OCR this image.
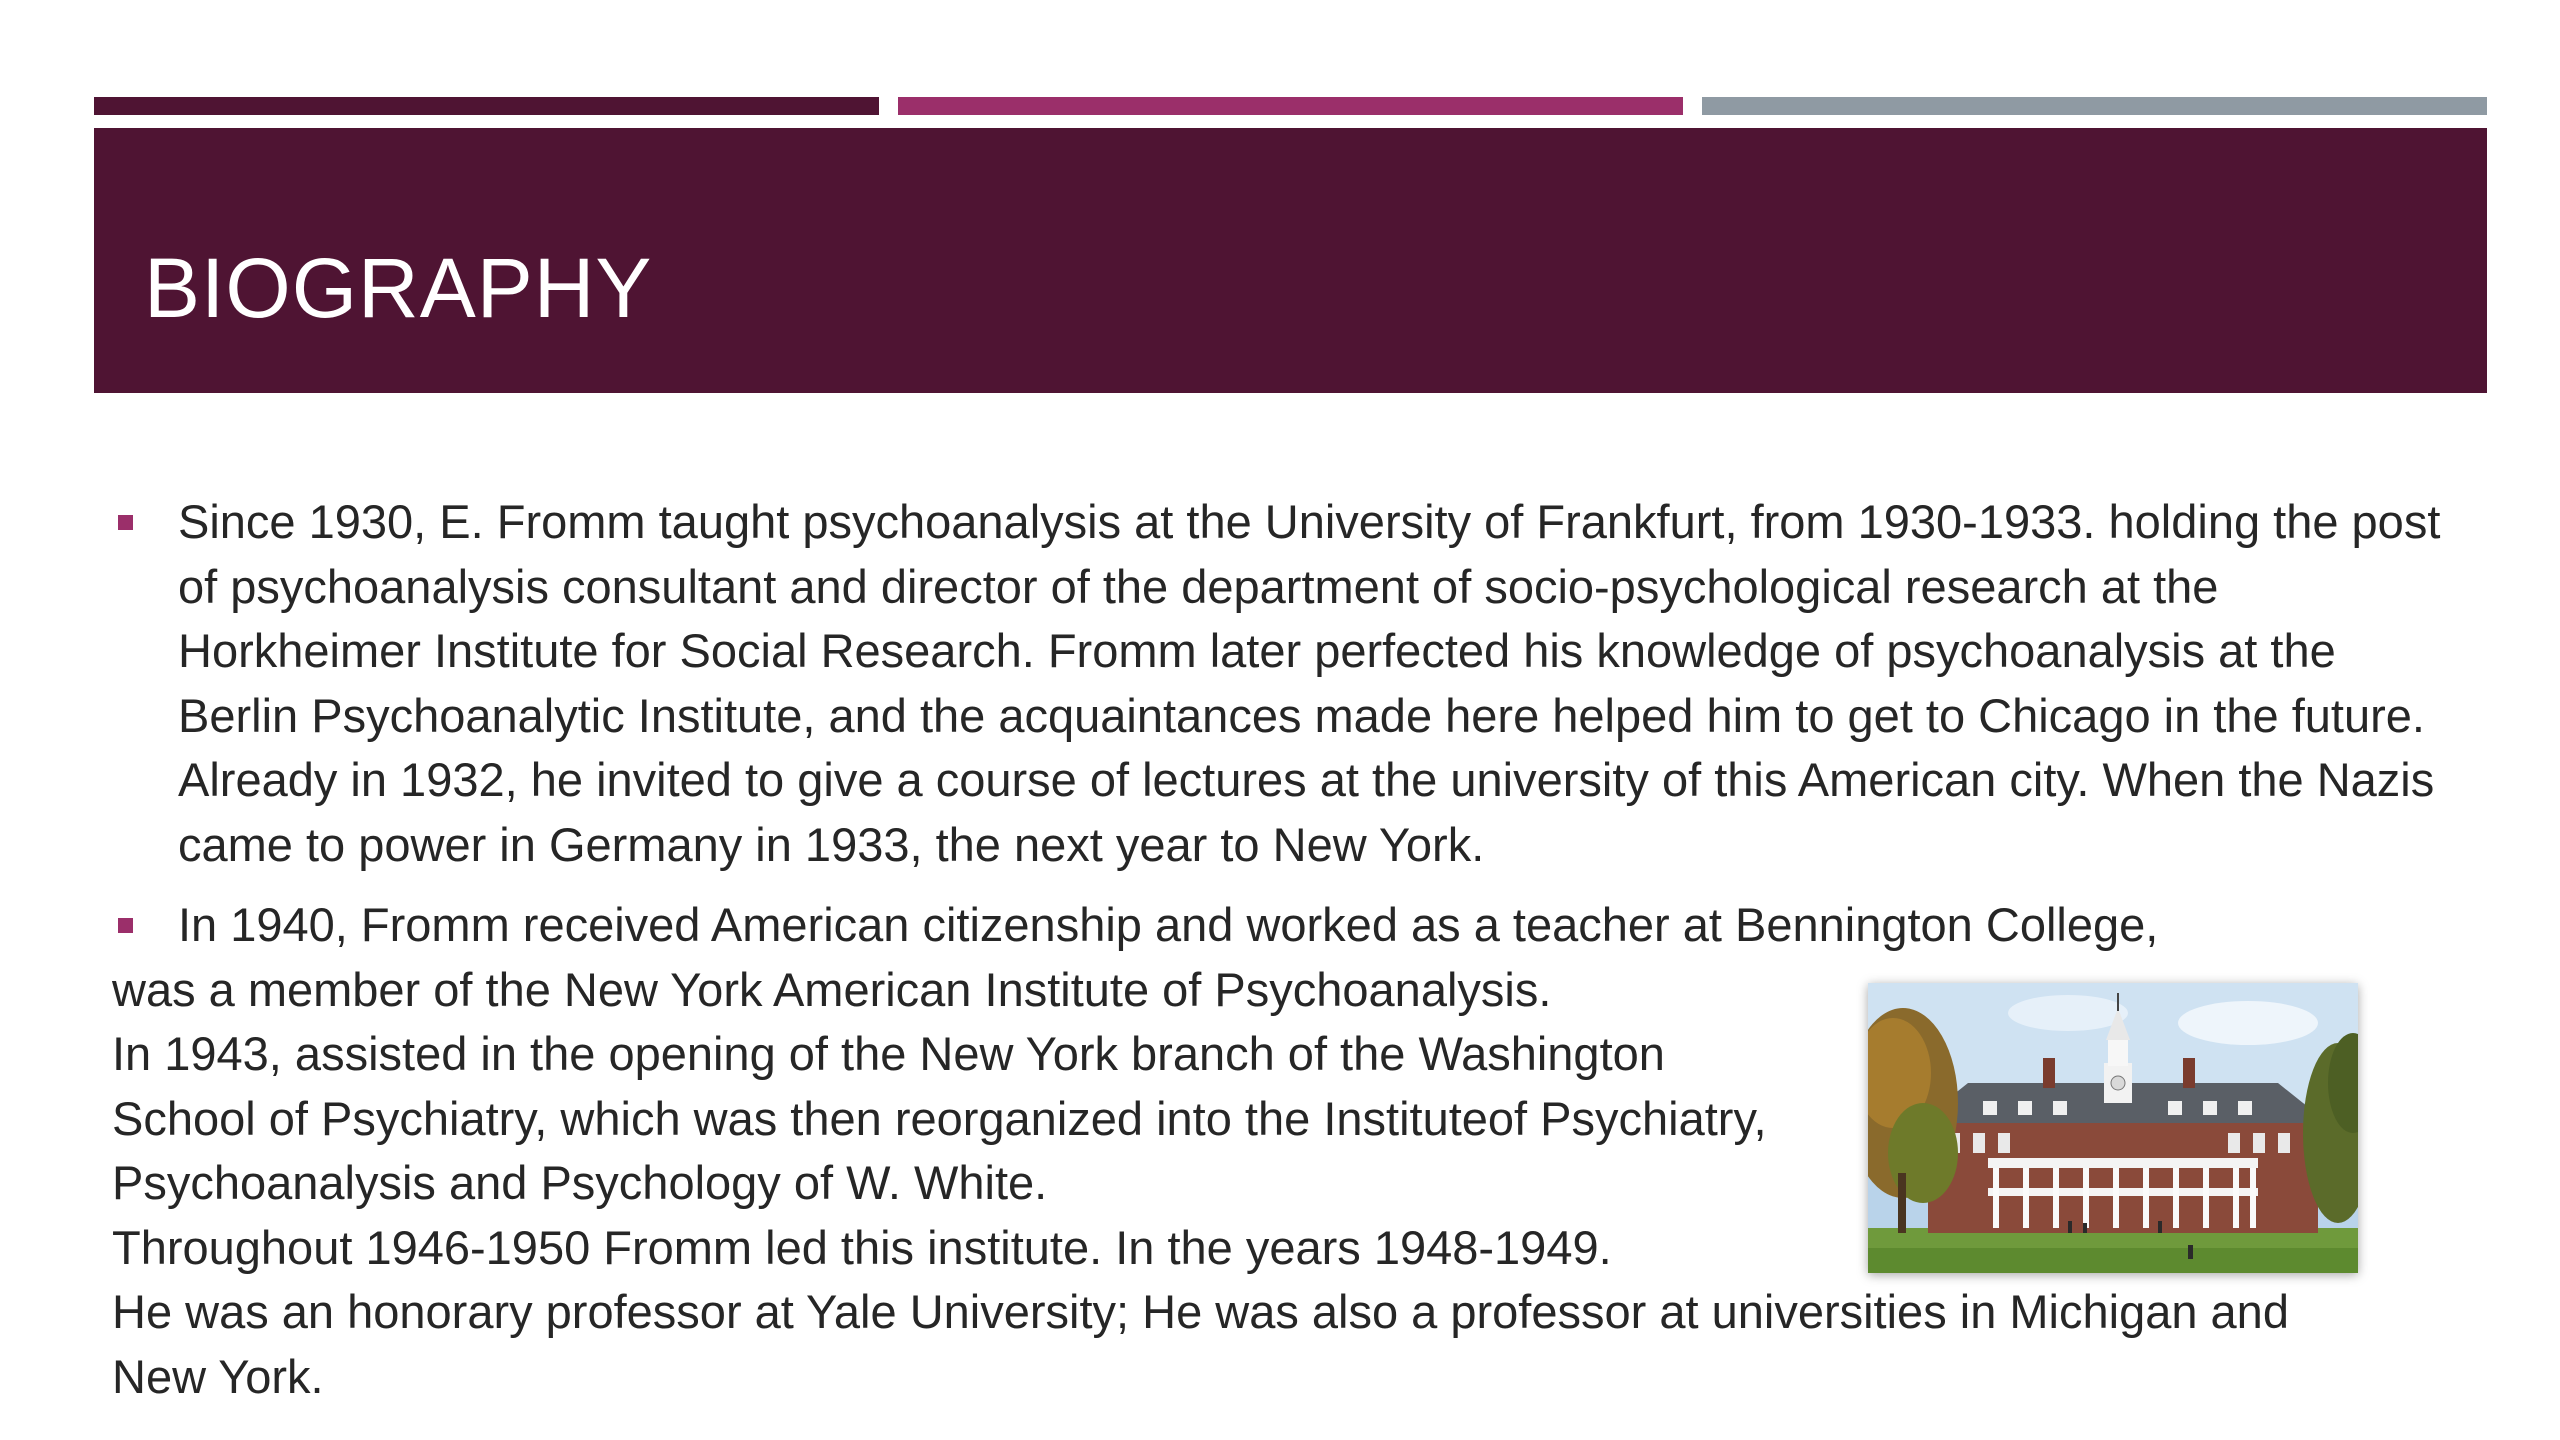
BIOGRAPHY
Since 1930, E. Fromm taught psychoanalysis at the University of Frankfurt, from 1930-1933. holding the post of psychoanalysis consultant and director of the department of socio-psychological research at the Horkheimer Institute for Social Research. Fromm later perfected his knowledge of psychoanalysis at the Berlin Psychoanalytic Institute, and the acquaintances made here helped him to get to Chicago in the future. Already in 1932, he invited to give a course of lectures at the university of this American city. When the Nazis came to power in Germany in 1933, the next year to New York.
In 1940, Fromm received American citizenship and worked as a teacher at Bennington College,
was a member of the New York American Institute of Psychoanalysis.
In 1943, assisted in the opening of the New York branch of the Washington
School of Psychiatry, which was then reorganized into the Instituteof Psychiatry,
Psychoanalysis and Psychology of W. White.
Throughout 1946-1950 Fromm led this institute. In the years 1948-1949.
He was an honorary professor at Yale University; He was also a professor at universities in Michigan and
New York.
